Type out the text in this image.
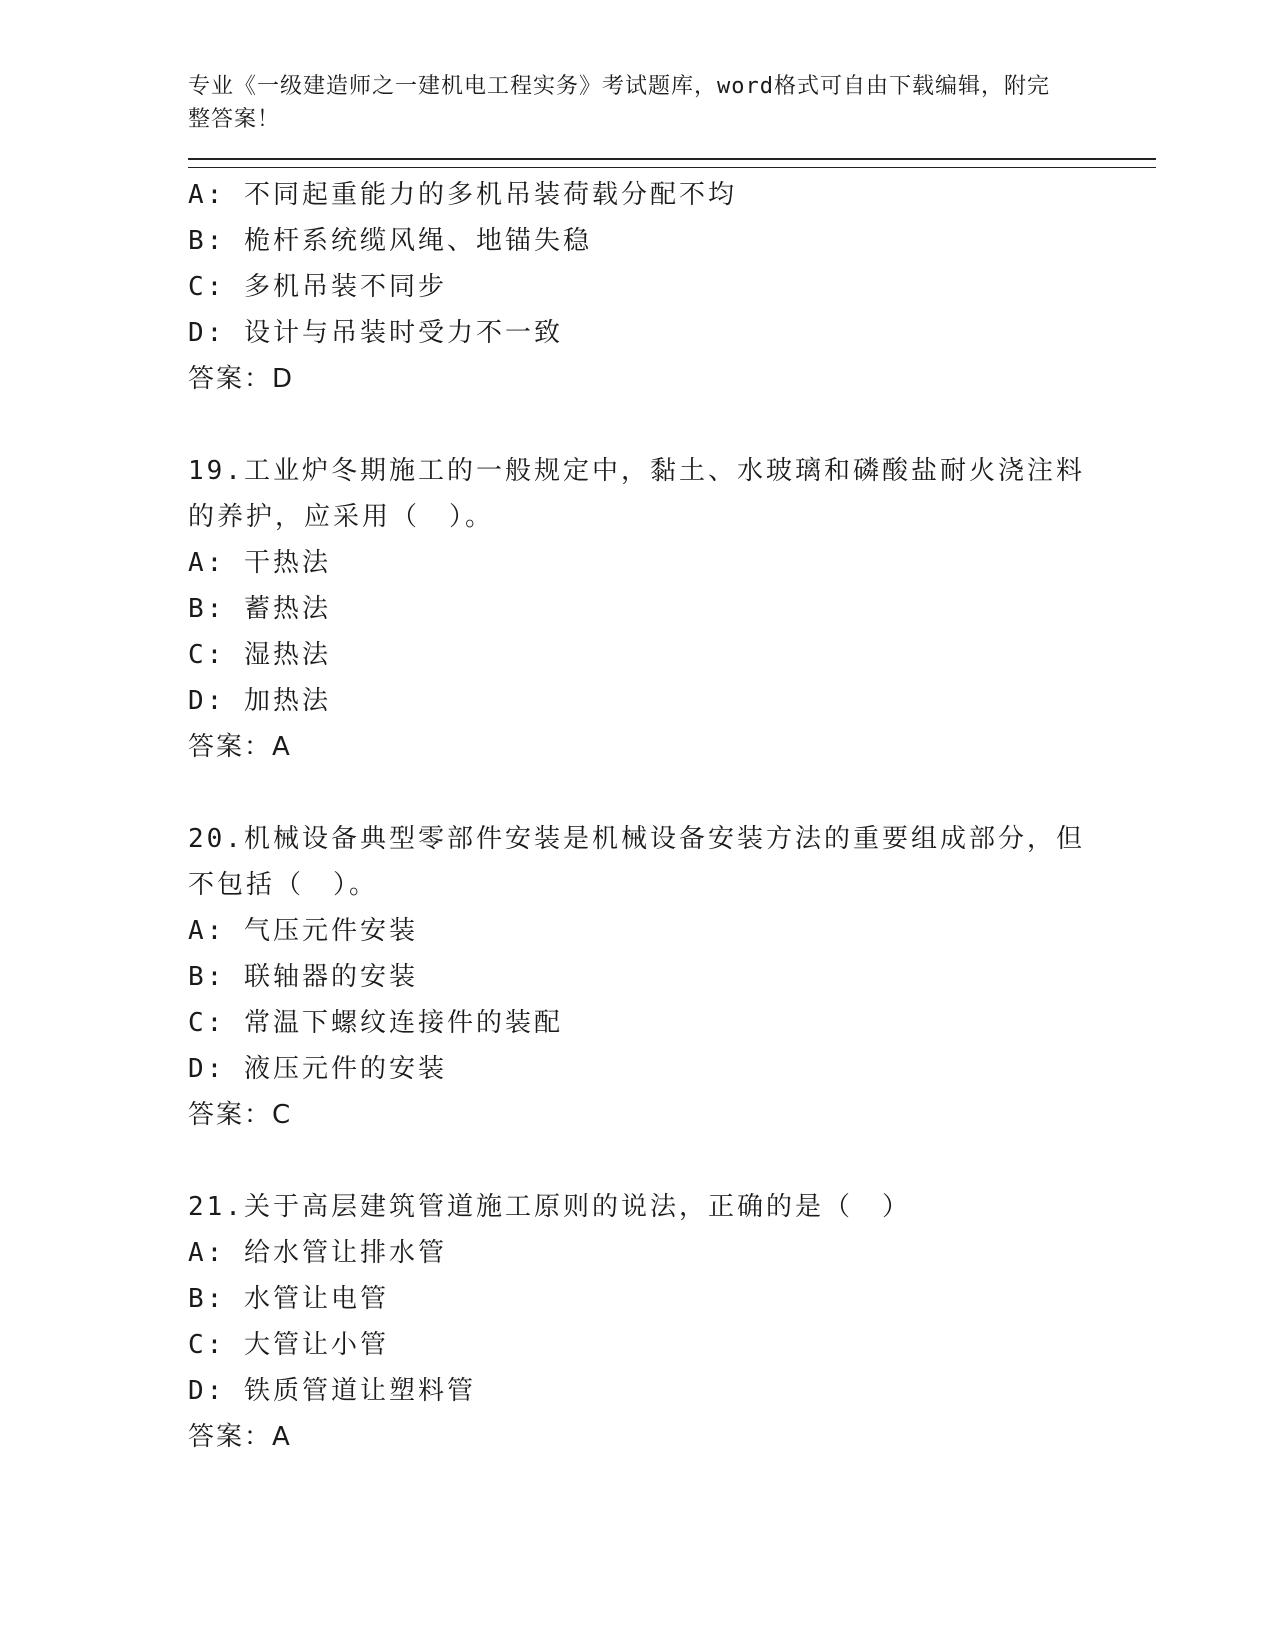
专业《一级建造师之一建机电工程实务》考试题库，word格式可自由下载编辑，附完整答案！
A: 不同起重能力的多机吊装荷载分配不均
B: 桅杆系统缆风绳、地锚失稳
C: 多机吊装不同步
D: 设计与吊装时受力不一致
答案：D
19.工业炉冬期施工的一般规定中，黏土、水玻璃和磷酸盐耐火浇注料的养护，应采用（　）。
A: 干热法
B: 蓄热法
C: 湿热法
D: 加热法
答案：A
20.机械设备典型零部件安装是机械设备安装方法的重要组成部分，但不包括（　）。
A: 气压元件安装
B: 联轴器的安装
C: 常温下螺纹连接件的装配
D: 液压元件的安装
答案：C
21.关于高层建筑管道施工原则的说法，正确的是（　）
A: 给水管让排水管
B: 水管让电管
C: 大管让小管
D: 铁质管道让塑料管
答案：A
